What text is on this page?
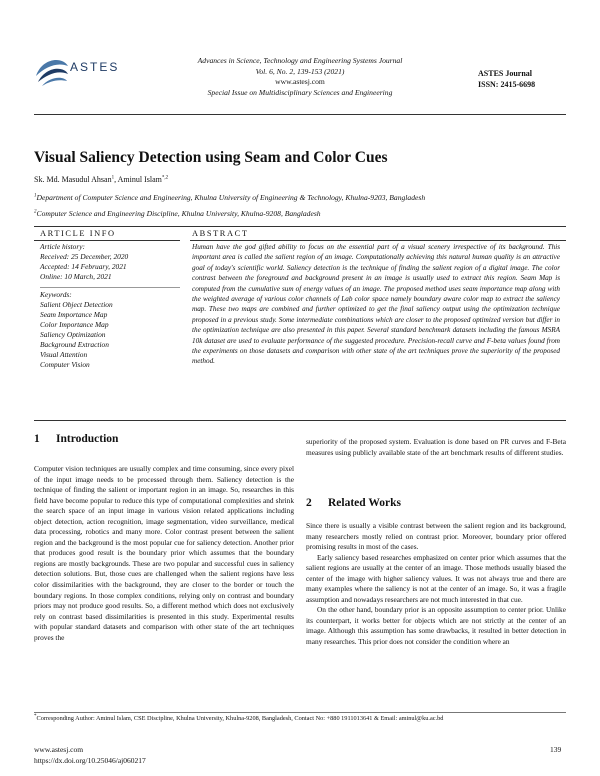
ASTES	Advances in Science, Technology and Engineering Systems Journal
Vol. 6, No. 2, 139-153 (2021)
www.astesj.com
Special Issue on Multidisciplinary Sciences and Engineering
ASTES Journal
ISSN: 2415-6698
Visual Saliency Detection using Seam and Color Cues
Sk. Md. Masudul Ahsan$^1$, Aminul Islam$^{*,2}$
$^1$Department of Computer Science and Engineering, Khulna University of Engineering & Technology, Khulna-9203, Bangladesh
$^2$Computer Science and Engineering Discipline, Khulna University, Khulna-9208, Bangladesh
ARTICLE INFO	ABSTRACT
Article history:
Received: 25 December, 2020
Accepted: 14 February, 2021
Online: 10 March, 2021
Keywords:
Salient Object Detection
Seam Importance Map
Color Importance Map
Saliency Optimization
Background Extraction
Visual Attention
Computer Vision
Human have the god gifted ability to focus on the essential part of a visual scenery irrespective of its background. This important area is called the salient region of an image. Computationally achieving this natural human quality is an attractive goal of today's scientific world. Saliency detection is the technique of finding the salient region of a digital image. The color contrast between the foreground and background present in an image is usually used to extract this region. Seam Map is computed from the cumulative sum of energy values of an image. The proposed method uses seam importance map along with the weighted average of various color channels of Lab color space namely boundary aware color map to extract the saliency map. These two maps are combined and further optimized to get the final saliency output using the optimization technique proposed in a previous study. Some intermediate combinations which are closer to the proposed optimized version but differ in the optimization technique are also presented in this paper. Several standard benchmark datasets including the famous MSRA 10k dataset are used to evaluate performance of the suggested procedure. Precision-recall curve and F-beta values found from the experiments on those datasets and comparison with other state of the art techniques prove the superiority of the proposed method.
1 Introduction

Computer vision techniques are usually complex and time consuming, since every pixel of the input image needs to be processed through them. Saliency detection is the technique of finding the salient or important region in an image. So, researches in this field have become popular to reduce this type of computational complexities and shrink the search space of an input image in various vision related applications including object detection, action recognition, image segmentation, video surveillance, medical data processing, robotics and many more. Color contrast present between the salient region and the background is the most popular cue for saliency detection. Another prior that produces good result is the boundary prior which assumes that the boundary regions are mostly backgrounds. These are two popular and successful cues in saliency detection solutions. But, those cues are challenged when the salient regions have less color dissimilarities with the background, they are closer to the border or touch the boundary regions. In those complex conditions, relying only on contrast and boundary priors may not produce good results. So, a different method which does not exclusively rely on contrast based dissimilarities is presented in this study. Experimental results with popular standard datasets and comparison with other state of the art techniques proves the

superiority of the proposed system. Evaluation is done based on PR curves and F-Beta measures using publicly available state of the art benchmark results of different studies.

2 Related Works

Since there is usually a visible contrast between the salient region and its background, many researchers mostly relied on contrast prior. Moreover, boundary prior offered promising results in most of the cases.

Early saliency based researches emphasized on center prior which assumes that the salient regions are usually at the center of an image. Those methods usually biased the center of the image with higher saliency values. It was not always true and there are many examples where the saliency is not at the center of an image. So, it was a fragile assumption and nowadays researchers are not much interested in that cue.

On the other hand, boundary prior is an opposite assumption to center prior. Unlike its counterpart, it works better for objects which are not strictly at the center of an image. Although this assumption has some drawbacks, it resulted in better detection in many researches. This prior does not consider the condition where an

*Corresponding Author: Aminul Islam, CSE Discipline, Khulna University, Khulna-9208, Bangladesh, Contact No: +880 1911013641 & Email: aminul@ku.ac.bd
www.astesj.com
https://dx.doi.org/10.25046/aj060217
139
